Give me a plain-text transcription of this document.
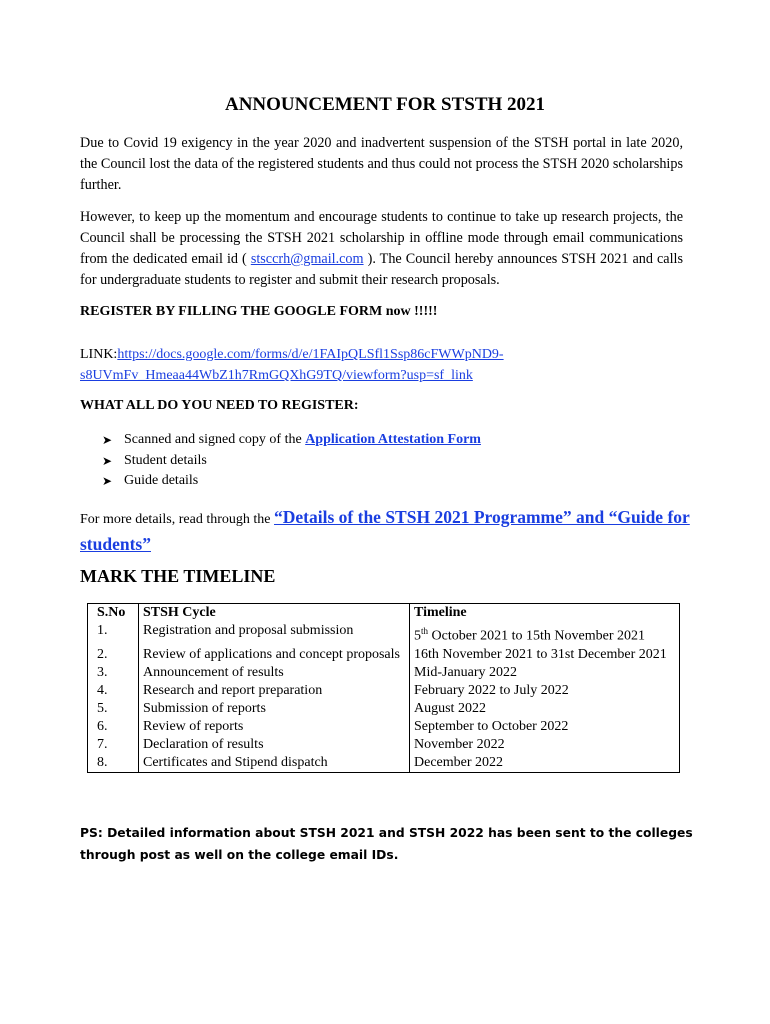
ANNOUNCEMENT FOR STSTH 2021
Due to Covid 19 exigency in the year 2020 and inadvertent suspension of the STSH portal in late 2020, the Council lost the data of the registered students and thus could not process the STSH 2020 scholarships further.
However, to keep up the momentum and encourage students to continue to take up research projects, the Council shall be processing the STSH 2021 scholarship in offline mode through email communications from the dedicated email id ( stsccrh@gmail.com ). The Council hereby announces STSH 2021 and calls for undergraduate students to register and submit their research proposals.
REGISTER BY FILLING THE GOOGLE FORM now !!!!!
LINK:https://docs.google.com/forms/d/e/1FAIpQLSfl1Ssp86cFWWpND9-
s8UVmFv_Hmeaa44WbZ1h7RmGQXhG9TQ/viewform?usp=sf_link
WHAT ALL DO YOU NEED TO REGISTER:
➤ Scanned and signed copy of the
Application Attestation Form
➤ Student details
➤ Guide details
For more details, read through the “Details of the STSH 2021 Programme” and “Guide for students”
MARK THE TIMELINE
S.No	STSH Cycle	Timeline
1.	Registration and proposal submission	5th October 2021 to 15th November 2021
2.	Review of applications and concept proposals	16th November 2021 to 31st December 2021
3.	Announcement of results	Mid-January 2022
4.	Research and report preparation	February 2022 to July 2022
5.	Submission of reports	August 2022
6.	Review of reports	September to October 2022
7.	Declaration of results	November 2022
8.	Certificates and Stipend dispatch	December 2022
PS: Detailed information about STSH 2021 and STSH 2022 has been sent to the colleges through post as well on the college email IDs.
